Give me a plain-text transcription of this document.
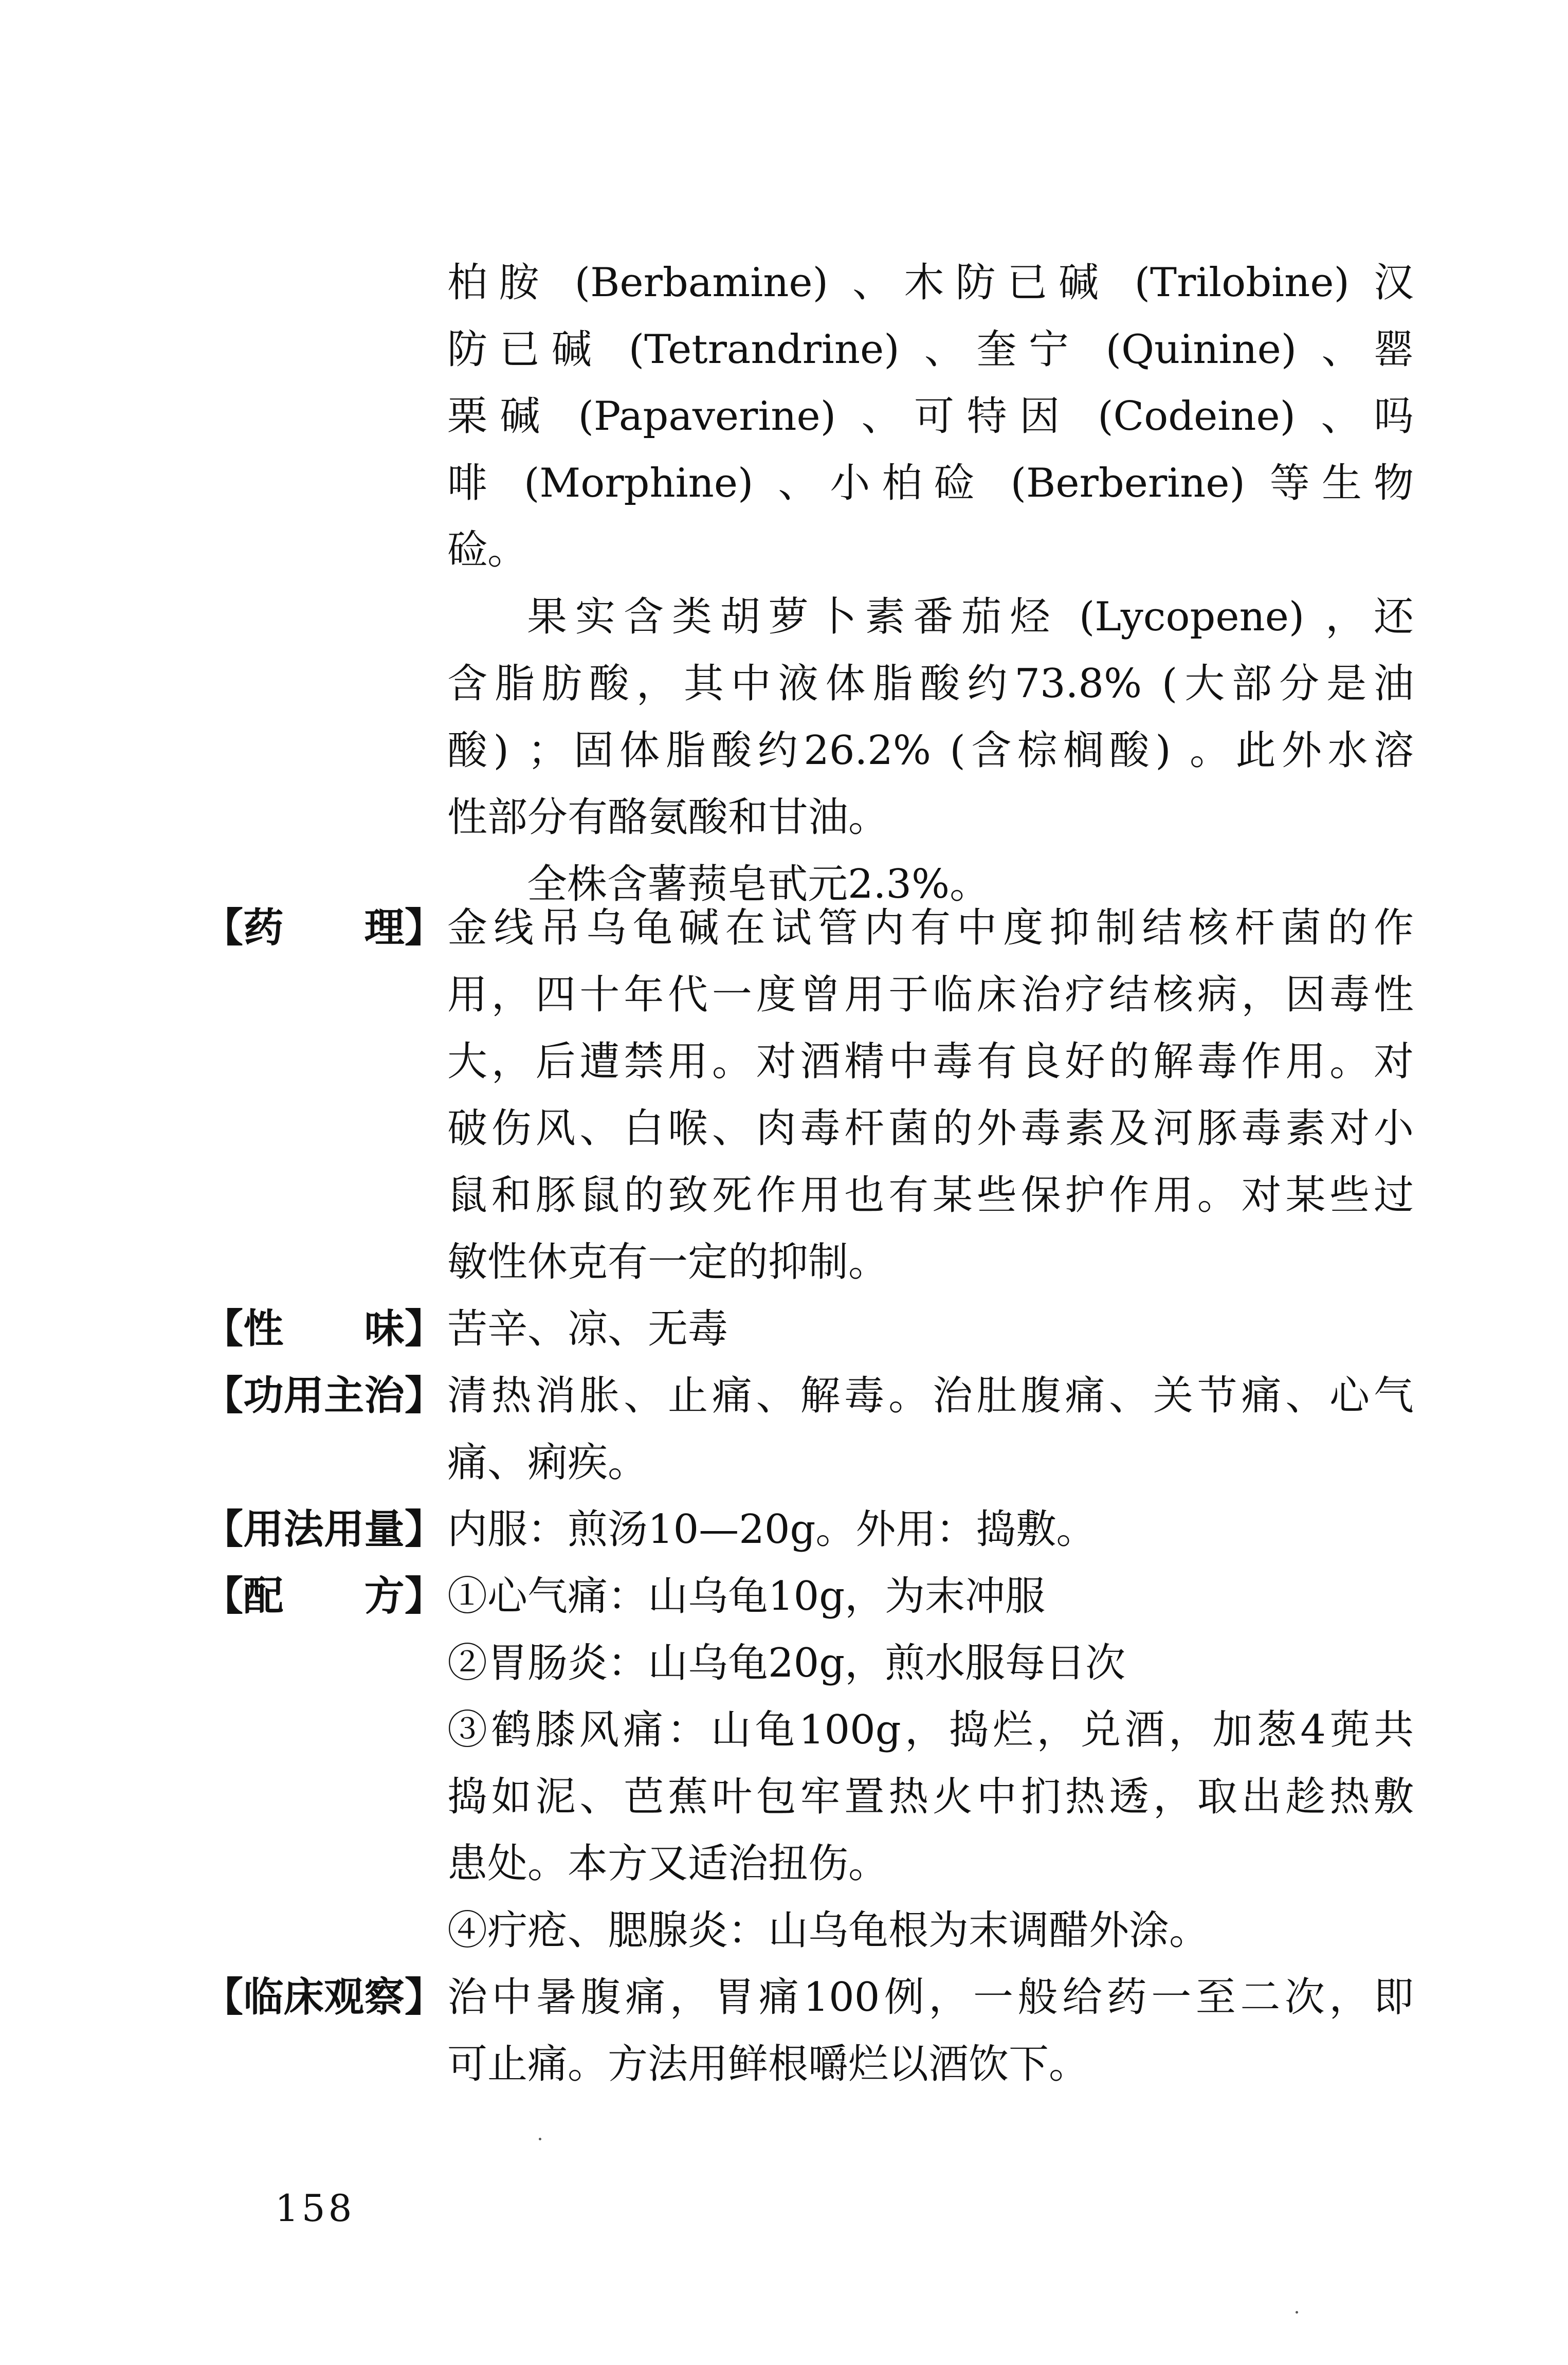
柏胺 (Berbamine) 、木防已碱 (Trilobine) 汉
防已碱 (Tetrandrine) 、奎宁 (Quinine) 、罂
栗碱 (Papaverine) 、可特因 (Codeine) 、吗
啡 (Morphine) 、小柏硷 (Berberine) 等生物
硷。
果实含类胡萝卜素番茄烃 (Lycopene) ，还
含脂肪酸，其中液体脂酸约73.8% (大部分是油
酸) ；固体脂酸约26.2% (含棕榈酸) 。此外水溶
性部分有酪氨酸和甘油。
全株含薯蓣皂甙元2.3%。
【药　　理】 金线吊乌龟碱在试管内有中度抑制结核杆菌的作
用，四十年代一度曾用于临床治疗结核病，因毒性
大，后遭禁用。对酒精中毒有良好的解毒作用。对
破伤风、白喉、肉毒杆菌的外毒素及河豚毒素对小
鼠和豚鼠的致死作用也有某些保护作用。对某些过
敏性休克有一定的抑制。
【性　　味】 苦辛、凉、无毒
【功用主治】 清热消胀、止痛、解毒。治肚腹痛、关节痛、心气
痛、痢疾。
【用法用量】 内服：煎汤10—20g。外用：捣敷。
【配　　方】 ①心气痛：山乌龟10g，为末冲服
②胃肠炎：山乌龟20g，煎水服每日次
③鹤膝风痛：山龟100g，捣烂，兑酒，加葱4蔸共
捣如泥、芭蕉叶包牢置热火中扪热透，取出趁热敷
患处。本方又适治扭伤。
④疔疮、腮腺炎：山乌龟根为末调醋外涂。
【临床观察】 治中暑腹痛，胃痛100例，一般给药一至二次，即
可止痛。方法用鲜根嚼烂以酒饮下。
158
